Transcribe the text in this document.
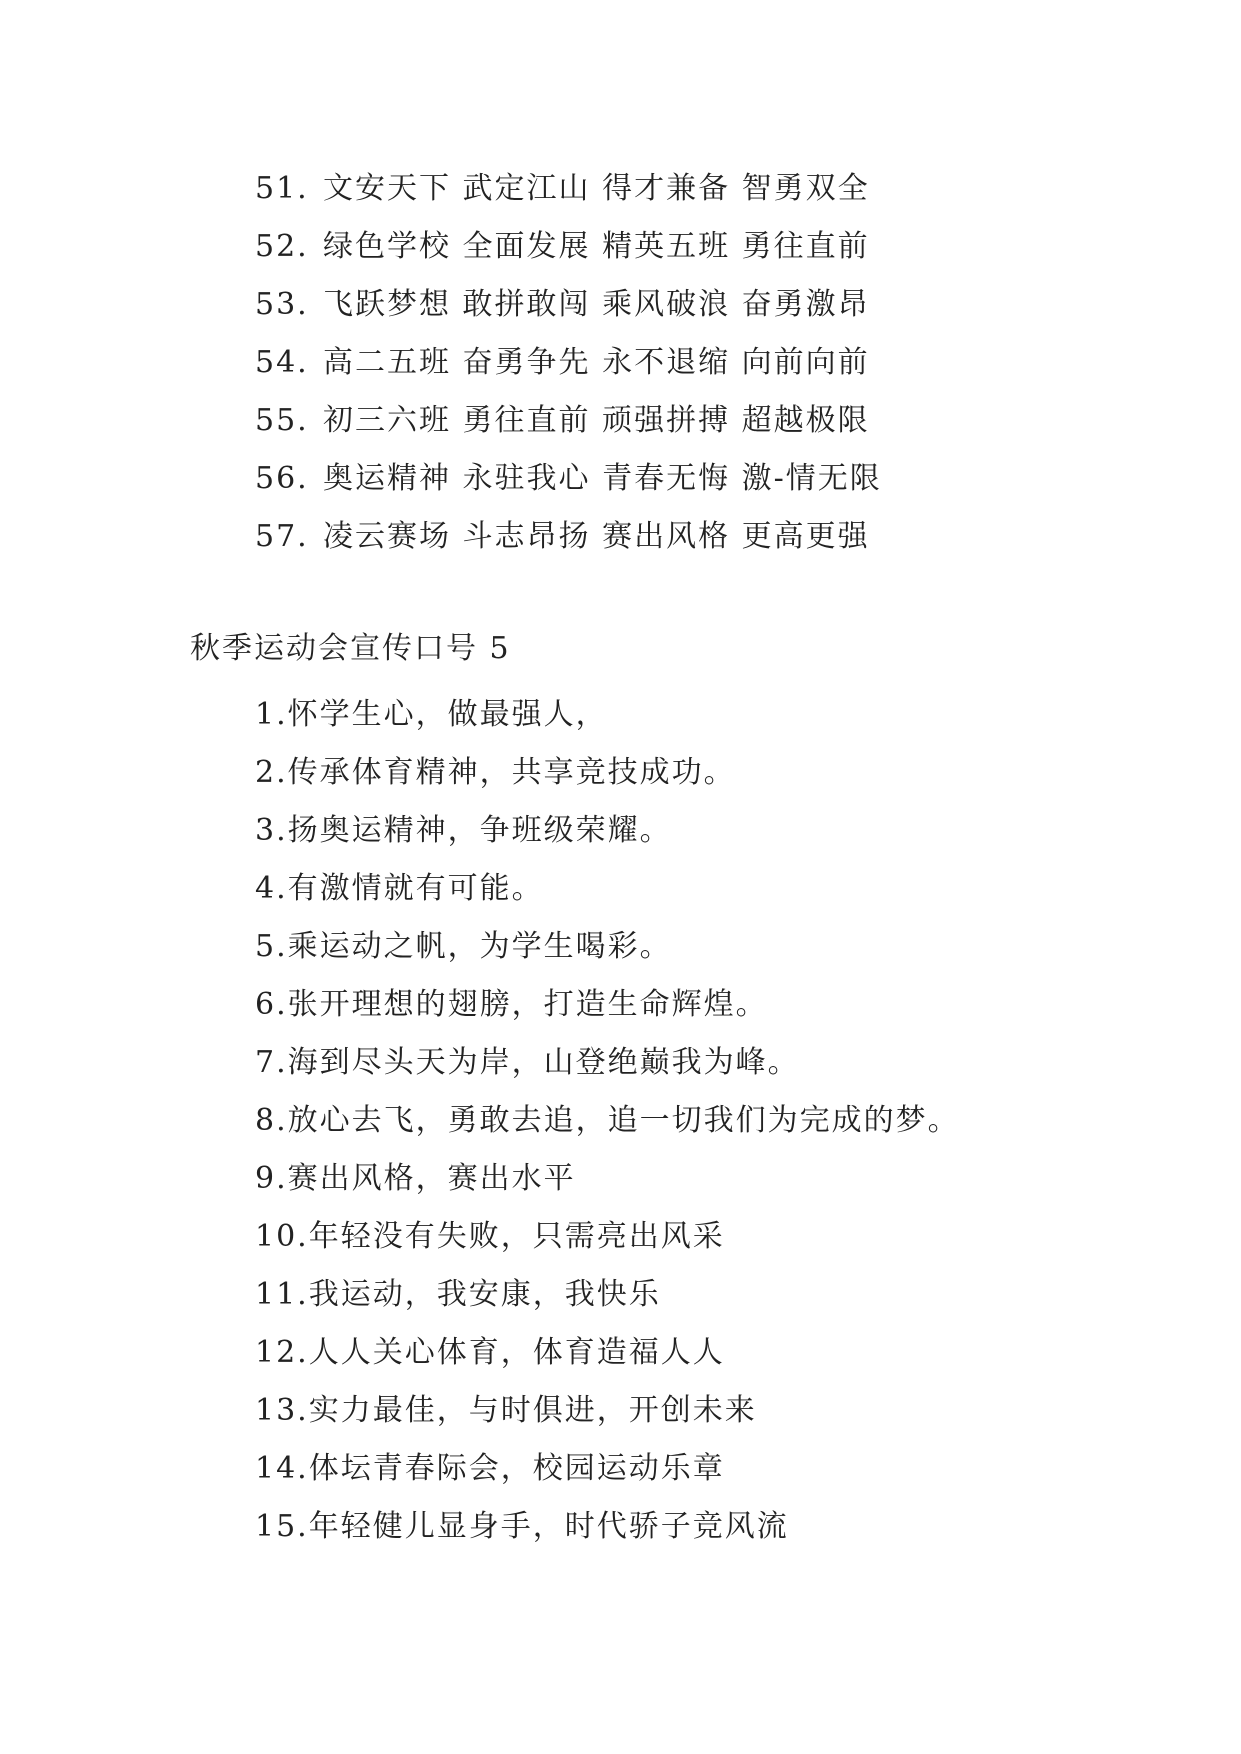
51. 文安天下 武定江山 得才兼备 智勇双全
52. 绿色学校 全面发展 精英五班 勇往直前
53. 飞跃梦想 敢拼敢闯 乘风破浪 奋勇激昂
54. 高二五班 奋勇争先 永不退缩 向前向前
55. 初三六班 勇往直前 顽强拼搏 超越极限
56. 奥运精神 永驻我心 青春无悔 激-情无限
57. 凌云赛场 斗志昂扬 赛出风格 更高更强
秋季运动会宣传口号 5
1.怀学生心，做最强人，
2.传承体育精神，共享竞技成功。
3.扬奥运精神，争班级荣耀。
4.有激情就有可能。
5.乘运动之帆，为学生喝彩。
6.张开理想的翅膀，打造生命辉煌。
7.海到尽头天为岸，山登绝巅我为峰。
8.放心去飞，勇敢去追，追一切我们为完成的梦。
9.赛出风格，赛出水平
10.年轻没有失败，只需亮出风采
11.我运动，我安康，我快乐
12.人人关心体育，体育造福人人
13.实力最佳，与时俱进，开创未来
14.体坛青春际会，校园运动乐章
15.年轻健儿显身手，时代骄子竞风流
